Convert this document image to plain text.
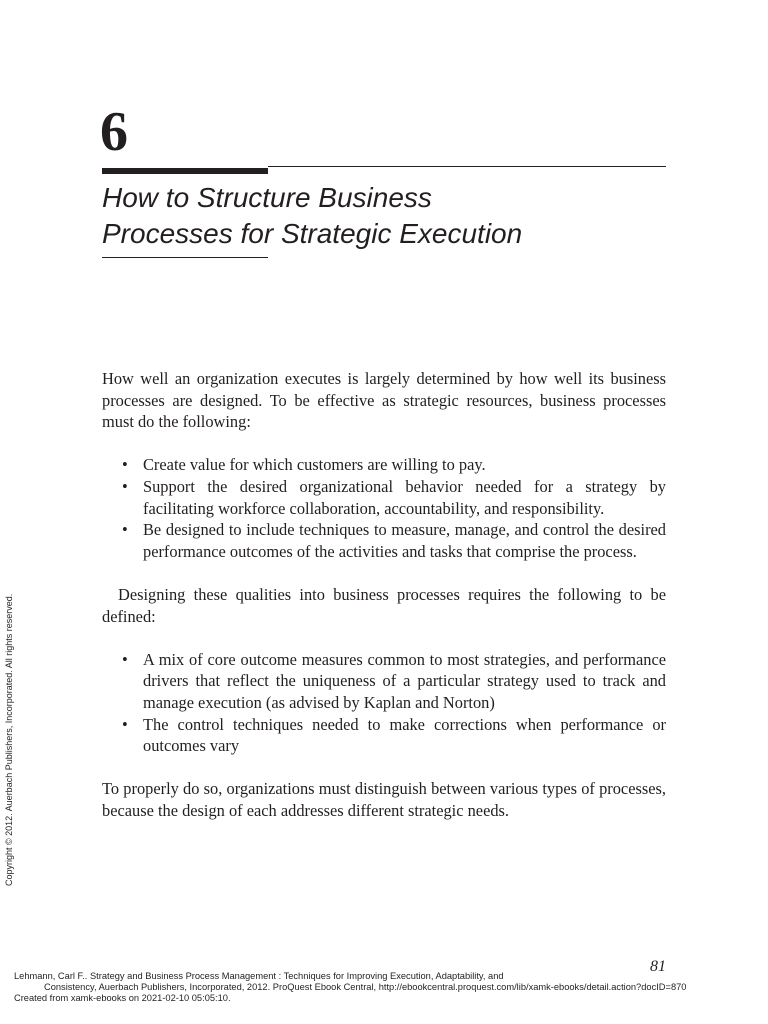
6
How to Structure Business
Processes for Strategic Execution

How well an organization executes is largely determined by how well its business processes are designed. To be effective as strategic resources, business processes must do the following:

• Create value for which customers are willing to pay.
• Support the desired organizational behavior needed for a strategy by facilitating workforce collaboration, accountability, and responsibility.
• Be designed to include techniques to measure, manage, and control the desired performance outcomes of the activities and tasks that comprise the process.

Designing these qualities into business processes requires the following to be defined:

• A mix of core outcome measures common to most strategies, and performance drivers that reflect the uniqueness of a particular strategy used to track and manage execution (as advised by Kaplan and Norton)
• The control techniques needed to make corrections when performance or outcomes vary

To properly do so, organizations must distinguish between various types of processes, because the design of each addresses different strategic needs.

81
Copyright © 2012. Auerbach Publishers, Incorporated. All rights reserved.
Lehmann, Carl F.. Strategy and Business Process Management : Techniques for Improving Execution, Adaptability, and
Consistency, Auerbach Publishers, Incorporated, 2012. ProQuest Ebook Central, http://ebookcentral.proquest.com/lib/xamk-ebooks/detail.action?docID=870
Created from xamk-ebooks on 2021-02-10 05:05:10.
